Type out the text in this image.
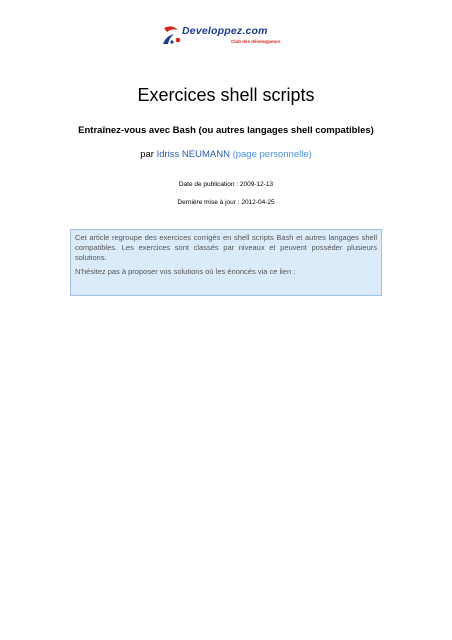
Developpez.com
Club des développeurs
Exercices shell scripts
Entraînez-vous avec Bash (ou autres langages shell compatibles)
par Idriss NEUMANN (page personnelle)
Date de publication : 2009-12-13
Dernière mise à jour : 2012-04-25

Cet article regroupe des exercices corrigés en shell scripts Bash et autres langages shell compatibles. Les exercices sont classés par niveaux et peuvent posséder plusieurs solutions.

N'hésitez pas à proposer vos solutions où les énoncés via ce lien :
